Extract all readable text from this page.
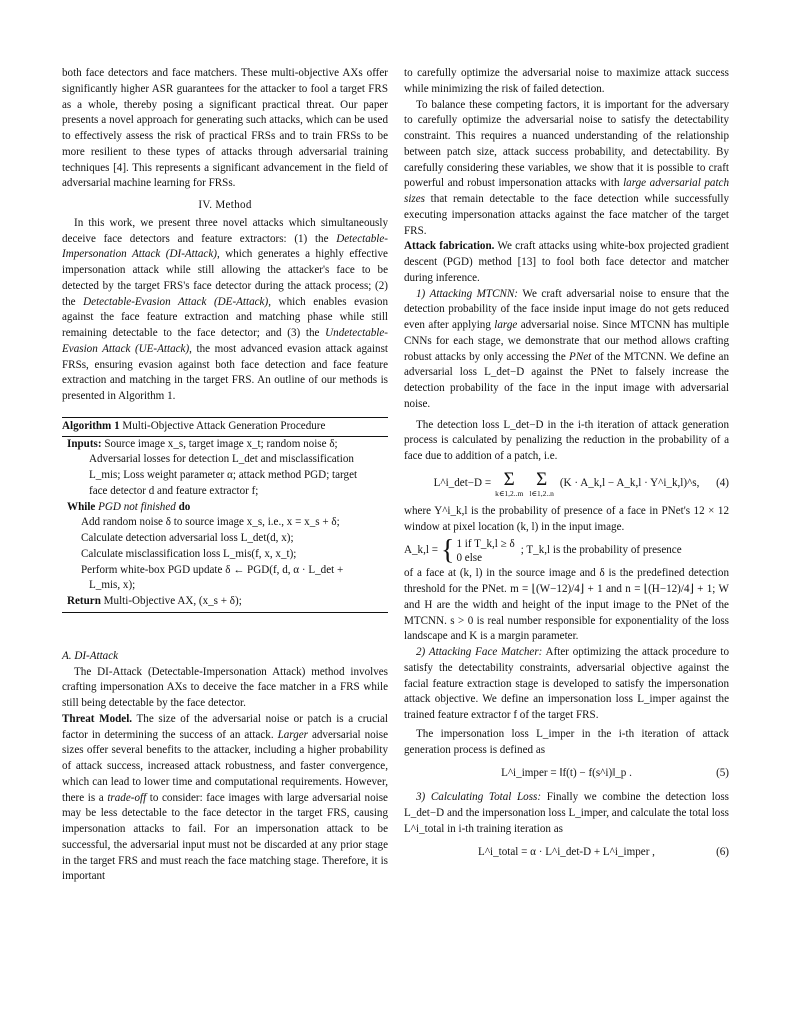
both face detectors and face matchers. These multi-objective AXs offer significantly higher ASR guarantees for the attacker to fool a target FRS as a whole, thereby posing a significant practical threat. Our paper presents a novel approach for generating such attacks, which can be used to effectively assess the risk of practical FRSs and to train FRSs to be more resilient to these types of attacks through adversarial training techniques [4]. This represents a significant advancement in the field of adversarial machine learning for FRSs.

IV. Method

In this work, we present three novel attacks which simultaneously deceive face detectors and feature extractors: (1) the Detectable-Impersonation Attack (DI-Attack), which generates a highly effective impersonation attack while still allowing the attacker's face to be detected by the target FRS's face detector during the attack process; (2) the Detectable-Evasion Attack (DE-Attack), which enables evasion against the face feature extraction and matching phase while still remaining detectable to the face detector; and (3) the Undetectable-Evasion Attack (UE-Attack), the most advanced evasion attack against FRSs, ensuring evasion against both face detection and face feature extraction and matching in the target FRS. An outline of our methods is presented in Algorithm 1.

Algorithm 1 Multi-Objective Attack Generation Procedure
Inputs: Source image x_s, target image x_t; random noise δ;
Adversarial losses for detection L_det and misclassification
L_mis; Loss weight parameter α; attack method PGD; target
face detector d and feature extractor f;
While PGD not finished do
Add random noise δ to source image x_s, i.e., x = x_s + δ;
Calculate detection adversarial loss L_det(d, x);
Calculate misclassification loss L_mis(f, x, x_t);
Perform white-box PGD update δ ← PGD(f, d, α · L_det +
L_mis, x);
Return Multi-Objective AX, (x_s + δ);

A. DI-Attack

The DI-Attack (Detectable-Impersonation Attack) method involves crafting impersonation AXs to deceive the face matcher in a FRS while still being detectable by the face detector.

Threat Model. The size of the adversarial noise or patch is a crucial factor in determining the success of an attack. Larger adversarial noise sizes offer several benefits to the attacker, including a higher probability of attack success, increased attack robustness, and faster convergence, which can lead to lower time and computational requirements. However, there is a trade-off to consider: face images with large adversarial noise may be less detectable to the face detector in the target FRS, causing impersonation attacks to fail. For an impersonation attack to be successful, the adversarial input must not be discarded at any prior stage in the target FRS and must reach the face matching stage. Therefore, it is important

to carefully optimize the adversarial noise to maximize attack success while minimizing the risk of failed detection.

To balance these competing factors, it is important for the adversary to carefully optimize the adversarial noise to satisfy the detectability constraint. This requires a nuanced understanding of the relationship between patch size, attack success probability, and detectability. By carefully considering these variables, we show that it is possible to craft powerful and robust impersonation attacks with large adversarial patch sizes that remain detectable to the face detection while successfully executing impersonation attacks against the face matcher of the target FRS.

Attack fabrication. We craft attacks using white-box projected gradient descent (PGD) method [13] to fool both face detector and matcher during inference.

1) Attacking MTCNN: We craft adversarial noise to ensure that the detection probability of the face inside input image do not gets reduced even after applying large adversarial noise. Since MTCNN has multiple CNNs for each stage, we demonstrate that our method allows crafting robust attacks by only accessing the PNet of the MTCNN. We define an adversarial loss L_det−D against the PNet to falsely increase the detection probability of the face in the input image with adversarial noise.

The detection loss L_det−D in the i-th iteration of attack generation process is calculated by penalizing the reduction in the probability of a face due to addition of a patch, i.e.

L^i_det−D = Σ
k∈1,2..m
Σ
l∈1,2..n
(K · A_k,l − A_k,l · Y^i_k,l)^s, (4)

where Y^i_k,l is the probability of presence of a face in PNet's 12 × 12 window at pixel location (k, l) in the input image.

A_k,l = { 1 if T_k,l ≥ δ
0 else
; T_k,l is the probability of presence

of a face at (k, l) in the source image and δ is the predefined detection threshold for the PNet. m = ⌊(W−12)/4⌋ + 1 and n = ⌊(H−12)/4⌋ + 1; W and H are the width and height of the input image to the PNet of the MTCNN. s > 0 is real number responsible for exponentiality of the loss landscape and K is a margin parameter.

2) Attacking Face Matcher: After optimizing the attack procedure to satisfy the detectability constraints, adversarial objective against the facial feature extraction stage is developed to satisfy the impersonation attack objective. We define an impersonation loss L_imper against the trained feature extractor f of the target FRS.

The impersonation loss L_imper in the i-th iteration of attack generation process is defined as

L^i_imper = ‖f(t) − f(s^i)‖_p .	(5)

3) Calculating Total Loss: Finally we combine the detection loss L_det−D and the impersonation loss L_imper, and calculate the total loss L^i_total in i-th training iteration as

L^i_total = α · L^i_det-D + L^i_imper ,	(6)
